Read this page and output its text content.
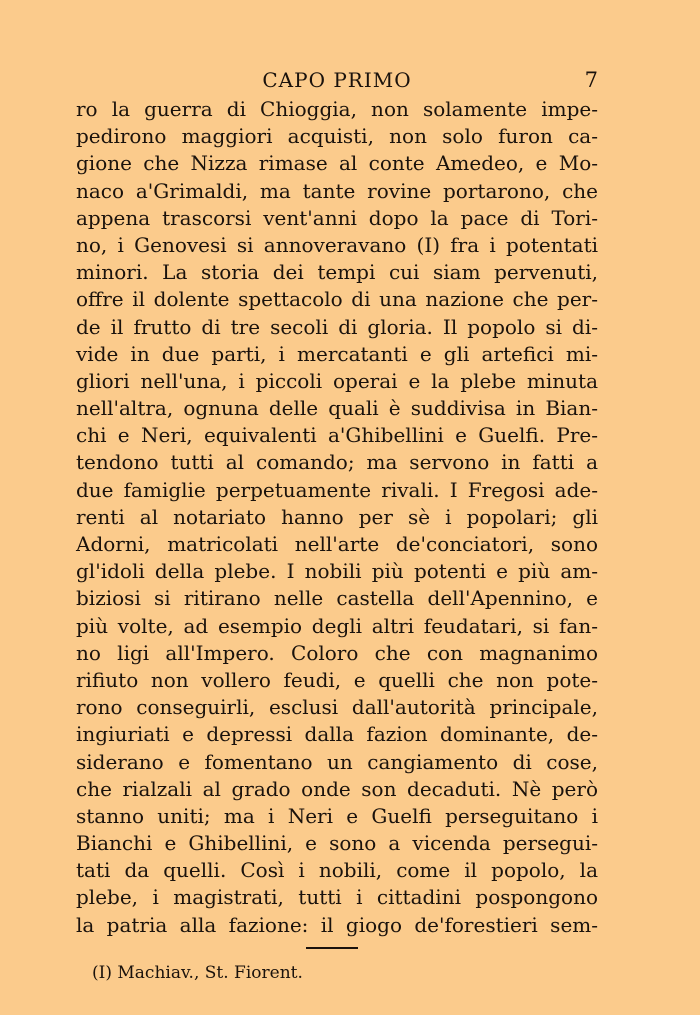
CAPO PRIMO	7
ro la guerra di Chioggia, non solamente impe-
pedirono maggiori acquisti, non solo furon ca-
gione che Nizza rimase al conte Amedeo, e Mo-
naco a'Grimaldi, ma tante rovine portarono, che
appena trascorsi vent'anni dopo la pace di Tori-
no, i Genovesi si annoveravano (I) fra i potentati
minori. La storia dei tempi cui siam pervenuti,
offre il dolente spettacolo di una nazione che per-
de il frutto di tre secoli di gloria. Il popolo si di-
vide in due parti, i mercatanti e gli artefici mi-
gliori nell'una, i piccoli operai e la plebe minuta
nell'altra, ognuna delle quali è suddivisa in Bian-
chi e Neri, equivalenti a'Ghibellini e Guelfi. Pre-
tendono tutti al comando; ma servono in fatti a
due famiglie perpetuamente rivali. I Fregosi ade-
renti al notariato hanno per sè i popolari; gli
Adorni, matricolati nell'arte de'conciatori, sono
gl'idoli della plebe. I nobili più potenti e più am-
biziosi si ritirano nelle castella dell'Apennino, e
più volte, ad esempio degli altri feudatari, si fan-
no ligi all'Impero. Coloro che con magnanimo
rifiuto non vollero feudi, e quelli che non pote-
rono conseguirli, esclusi dall'autorità principale,
ingiuriati e depressi dalla fazion dominante, de-
siderano e fomentano un cangiamento di cose,
che rialzali al grado onde son decaduti. Nè però
stanno uniti; ma i Neri e Guelfi perseguitano i
Bianchi e Ghibellini, e sono a vicenda persegui-
tati da quelli. Così i nobili, come il popolo, la
plebe, i magistrati, tutti i cittadini pospongono
la patria alla fazione: il giogo de'forestieri sem-
(I) Machiav., St. Fiorent.
